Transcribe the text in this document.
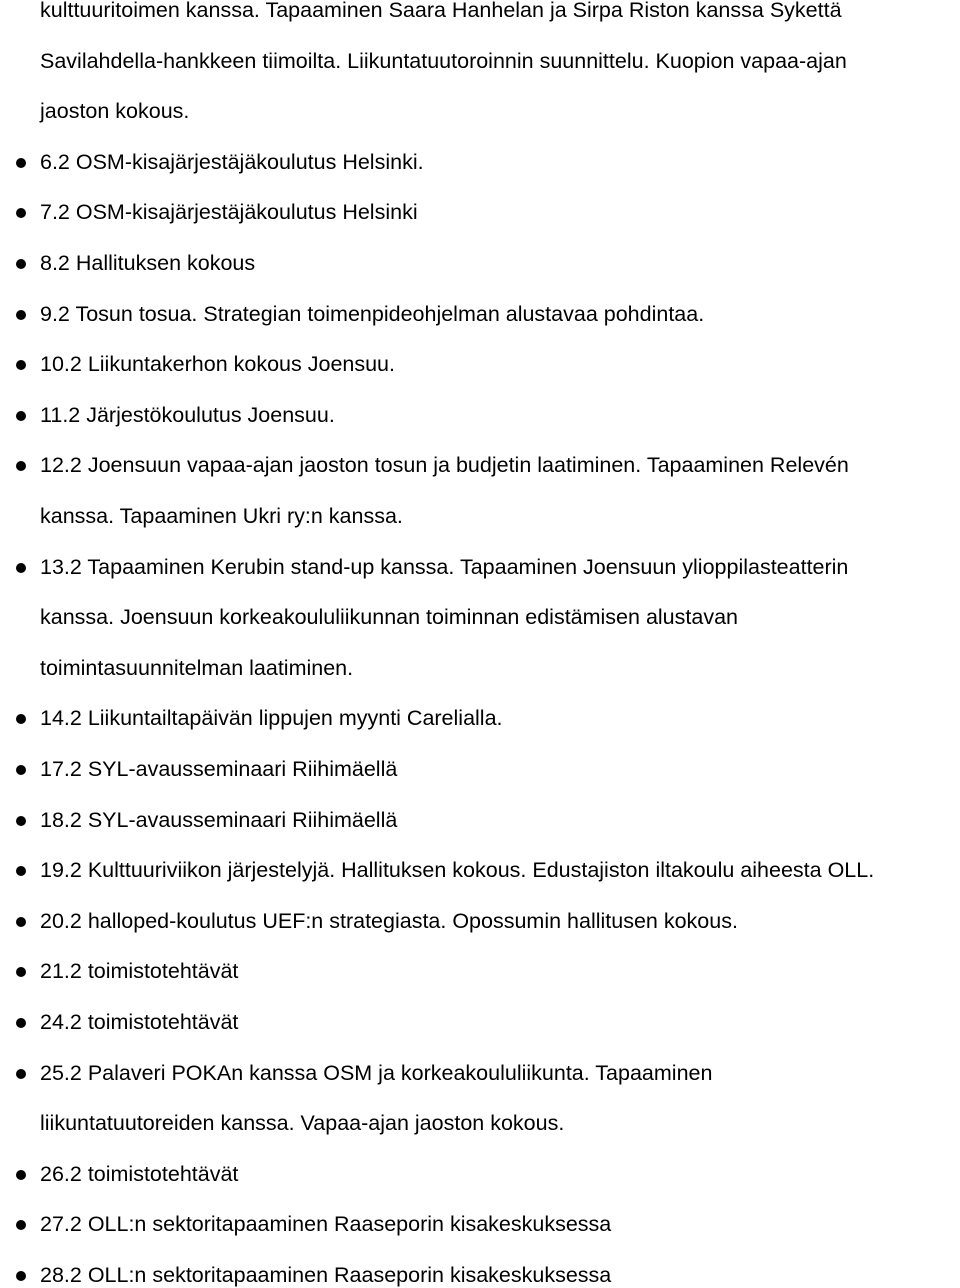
kulttuuritoimen kanssa. Tapaaminen Saara Hanhelan ja Sirpa Riston kanssa Sykettä
Savilahdella-hankkeen tiimoilta. Liikuntatuutoroinnin suunnittelu. Kuopion vapaa-ajan
jaoston kokous.
6.2 OSM-kisajärjestäjäkoulutus Helsinki.
7.2 OSM-kisajärjestäjäkoulutus Helsinki
8.2 Hallituksen kokous
9.2 Tosun tosua. Strategian toimenpideohjelman alustavaa pohdintaa.
10.2 Liikuntakerhon kokous Joensuu.
11.2 Järjestökoulutus Joensuu.
12.2 Joensuun vapaa-ajan jaoston tosun ja budjetin laatiminen. Tapaaminen Relevén
kanssa. Tapaaminen Ukri ry:n kanssa.
13.2 Tapaaminen Kerubin stand-up kanssa. Tapaaminen Joensuun ylioppilasteatterin
kanssa. Joensuun korkeakoululiikunnan toiminnan edistämisen alustavan
toimintasuunnitelman laatiminen.
14.2 Liikuntailtapäivän lippujen myynti Carelialla.
17.2 SYL-avausseminaari Riihimäellä
18.2 SYL-avausseminaari Riihimäellä
19.2 Kulttuuriviikon järjestelyjä. Hallituksen kokous. Edustajiston iltakoulu aiheesta OLL.
20.2 halloped-koulutus UEF:n strategiasta. Opossumin hallitusen kokous.
21.2 toimistotehtävät
24.2 toimistotehtävät
25.2 Palaveri POKAn kanssa OSM ja korkeakoululiikunta. Tapaaminen
liikuntatuutoreiden kanssa. Vapaa-ajan jaoston kokous.
26.2 toimistotehtävät
27.2 OLL:n sektoritapaaminen Raaseporin kisakeskuksessa
28.2 OLL:n sektoritapaaminen Raaseporin kisakeskuksessa
